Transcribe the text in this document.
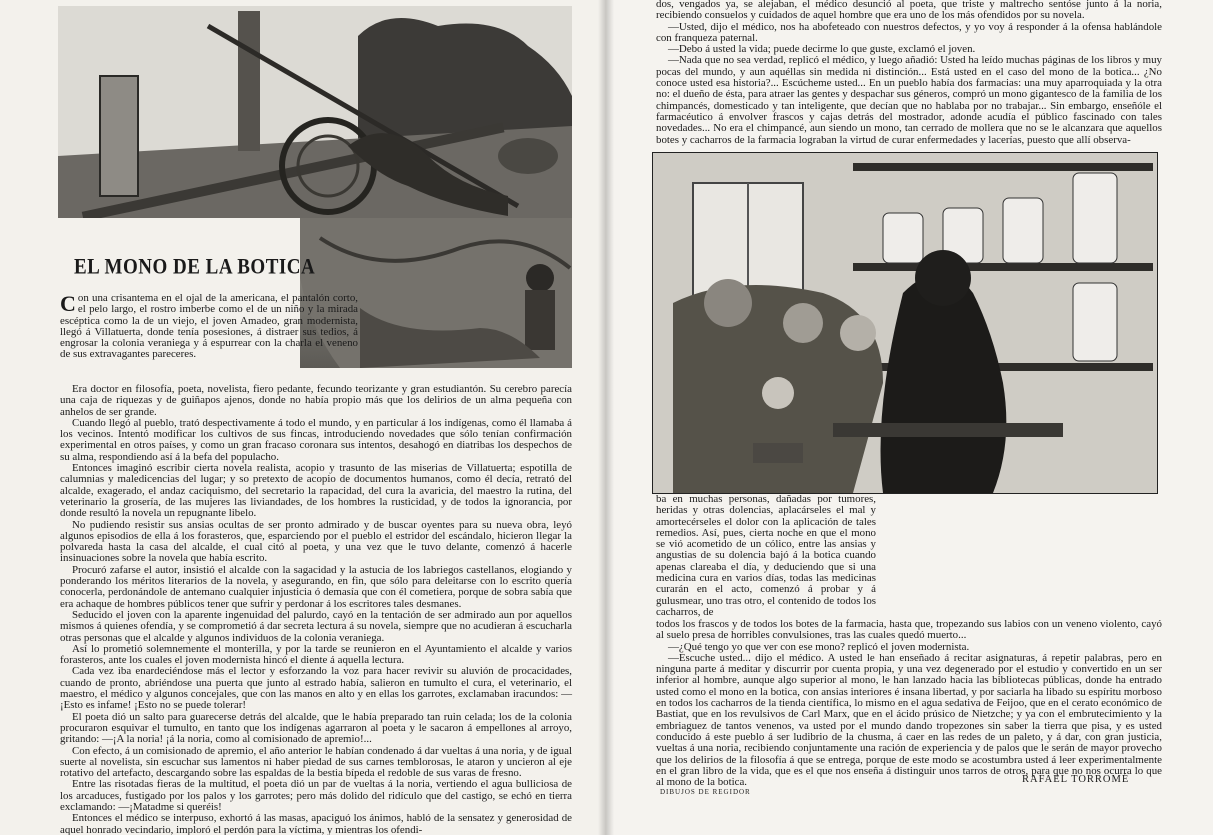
EL MONO DE LA BOTICA

Con una crisantema en el ojal de la americana, el pantalón corto, el pelo largo, el rostro imberbe como el de un niño y la mirada escéptica como la de un viejo, el joven Amadeo, gran modernista, llegó á Villatuerta, donde tenía posesiones, á distraer sus tedios, á engrosar la colonia veraniega y á espurrear con la charla el veneno de sus extravagantes pareceres.

Era doctor en filosofía, poeta, novelista, fiero pedante, fecundo teorizante y gran estudiantón. Su cerebro parecía una caja de riquezas y de guiñapos ajenos, donde no había propio más que los delirios de un alma pequeña con anhelos de ser grande.

Cuando llegó al pueblo, trató despectivamente á todo el mundo, y en particular á los indígenas, como él llamaba á los vecinos. Intentó modificar los cultivos de sus fincas, introduciendo novedades que sólo tenían confirmación experimental en otros países, y como un gran fracaso coronara sus intentos, desahogó en diatribas los despechos de su alma, respondiendo así á la befa del populacho.

Entonces imaginó escribir cierta novela realista, acopio y trasunto de las miserias de Villatuerta; espotilla de calumnias y maledicencias del lugar; y so pretexto de acopio de documentos humanos, como él decía, retrató del alcalde, exagerado, el andaz caciquismo, del secretario la rapacidad, del cura la avaricia, del maestro la rutina, del veterinario la grosería, de las mujeres las liviandades, de los hombres la rusticidad, y de todos la ignorancia, por donde resultó la novela un repugnante libelo.

No pudiendo resistir sus ansias ocultas de ser pronto admirado y de buscar oyentes para su nueva obra, leyó algunos episodios de ella á los forasteros, que, esparciendo por el pueblo el estridor del escándalo, hicieron llegar la polvareda hasta la casa del alcalde, el cual citó al poeta, y una vez que le tuvo delante, comenzó á hacerle insinuaciones sobre la novela que había escrito.

Procuró zafarse el autor, insistió el alcalde con la sagacidad y la astucia de los labriegos castellanos, elogiando y ponderando los méritos literarios de la novela, y asegurando, en fin, que sólo para deleitarse con lo escrito quería conocerla, perdonándole de antemano cualquier injusticia ó demasía que con él cometiera, porque de sobra sabía que era achaque de hombres públicos tener que sufrir y perdonar á los escritores tales desmanes.

Seducido el joven con la aparente ingenuidad del palurdo, cayó en la tentación de ser admirado aun por aquellos mismos á quienes ofendía, y se comprometió á dar secreta lectura á su novela, siempre que no acudieran á escucharla otras personas que el alcalde y algunos individuos de la colonia veraniega.

Así lo prometió solemnemente el monterilla, y por la tarde se reunieron en el Ayuntamiento el alcalde y varios forasteros, ante los cuales el joven modernista hincó el diente á aquella lectura.

Cada vez iba enardeciéndose más el lector y esforzando la voz para hacer revivir su aluvión de procacidades, cuando de pronto, abriéndose una puerta que junto al estrado había, salieron en tumulto el cura, el veterinario, el maestro, el médico y algunos concejales, que con las manos en alto y en ellas los garrotes, exclamaban iracundos: —¡Esto es infame! ¡Esto no se puede tolerar!

El poeta dió un salto para guarecerse detrás del alcalde, que le había preparado tan ruin celada; los de la colonia procuraron esquivar el tumulto, en tanto que los indígenas agarraron al poeta y le sacaron á empellones al arroyo, gritando: —¡A la noria! ¡á la noria, como al comisionado de apremio!...

Con efecto, á un comisionado de apremio, el año anterior le habían condenado á dar vueltas á una noria, y de igual suerte al novelista, sin escuchar sus lamentos ni haber piedad de sus carnes temblorosas, le ataron y uncieron al eje rotativo del artefacto, descargando sobre las espaldas de la bestia bípeda el redoble de sus varas de fresno.

Entre las risotadas fieras de la multitud, el poeta dió un par de vueltas á la noria, vertiendo el agua bulliciosa de los arcaduces, fustigado por los palos y los garrotes; pero más dolido del ridículo que del castigo, se echó en tierra exclamando: —¡Matadme si queréis!

Entonces el médico se interpuso, exhortó á las masas, apaciguó los ánimos, habló de la sensatez y generosidad de aquel honrado vecindario, imploró el perdón para la víctima, y mientras los ofendi-

dos, vengados ya, se alejaban, el médico desunció al poeta, que triste y maltrecho sentóse junto á la noria, recibiendo consuelos y cuidados de aquel hombre que era uno de los más ofendidos por su novela.

—Usted, dijo el médico, nos ha abofeteado con nuestros defectos, y yo voy á responder á la ofensa hablándole con franqueza paternal.

—Debo á usted la vida; puede decirme lo que guste, exclamó el joven.

—Nada que no sea verdad, replicó el médico, y luego añadió: Usted ha leído muchas páginas de los libros y muy pocas del mundo, y aun aquéllas sin medida ni distinción... Está usted en el caso del mono de la botica... ¿No conoce usted esa historia?... Escúcheme usted... En un pueblo había dos farmacias: una muy aparroquiada y la otra no: el dueño de ésta, para atraer las gentes y despachar sus géneros, compró un mono gigantesco de la familia de los chimpancés, domesticado y tan inteligente, que decían que no hablaba por no trabajar... Sin embargo, enseñóle el farmacéutico á envolver frascos y cajas detrás del mostrador, adonde acudía el público fascinado con tales novedades... No era el chimpancé, aun siendo un mono, tan cerrado de mollera que no se le alcanzara que aquellos botes y cacharros de la farmacia lograban la virtud de curar enfermedades y lacerías, puesto que allí observa-

ba en muchas personas, dañadas por tumores, heridas y otras dolencias, aplacárseles el mal y amortecérseles el dolor con la aplicación de tales remedios. Así, pues, cierta noche en que el mono se vió acometido de un cólico, entre las ansias y angustias de su dolencia bajó á la botica cuando apenas clareaba el día, y deduciendo que si una medicina cura en varios días, todas las medicinas curarán en el acto, comenzó á probar y á gulusmear, uno tras otro, el contenido de todos los cacharros, de

todos los frascos y de todos los botes de la farmacia, hasta que, tropezando sus labios con un veneno violento, cayó al suelo presa de horribles convulsiones, tras las cuales quedó muerto...

—¿Qué tengo yo que ver con ese mono? replicó el joven modernista.

—Escuche usted... dijo el médico. A usted le han enseñado á recitar asignaturas, á repetir palabras, pero en ninguna parte á meditar y discurrir por cuenta propia, y una vez degenerado por el estudio y convertido en un ser inferior al hombre, aunque algo superior al mono, le han lanzado hacia las bibliotecas públicas, donde ha entrado usted como el mono en la botica, con ansias interiores é insana libertad, y por saciarla ha libado su espíritu morboso en todos los cacharros de la tienda científica, lo mismo en el agua sedativa de Feijoo, que en el cerato económico de Bastiat, que en los revulsivos de Carl Marx, que en el ácido prúsico de Nietzche; y ya con el embrutecimiento y la embriaguez de tantos venenos, va usted por el mundo dando tropezones sin saber la tierra que pisa, y es usted conducido á este pueblo á ser ludibrio de la chusma, á caer en las redes de un paleto, y á dar, con gran justicia, vueltas á una noria, recibiendo conjuntamente una ración de experiencia y de palos que le serán de mayor provecho que los delirios de la filosofía á que se entrega, porque de este modo se acostumbra usted á leer experimentalmente en el gran libro de la vida, que es el que nos enseña á distinguir unos tarros de otros, para que no nos ocurra lo que al mono de la botica.

DIBUJOS DE REGIDOR

RAFAEL TORROMÉ
